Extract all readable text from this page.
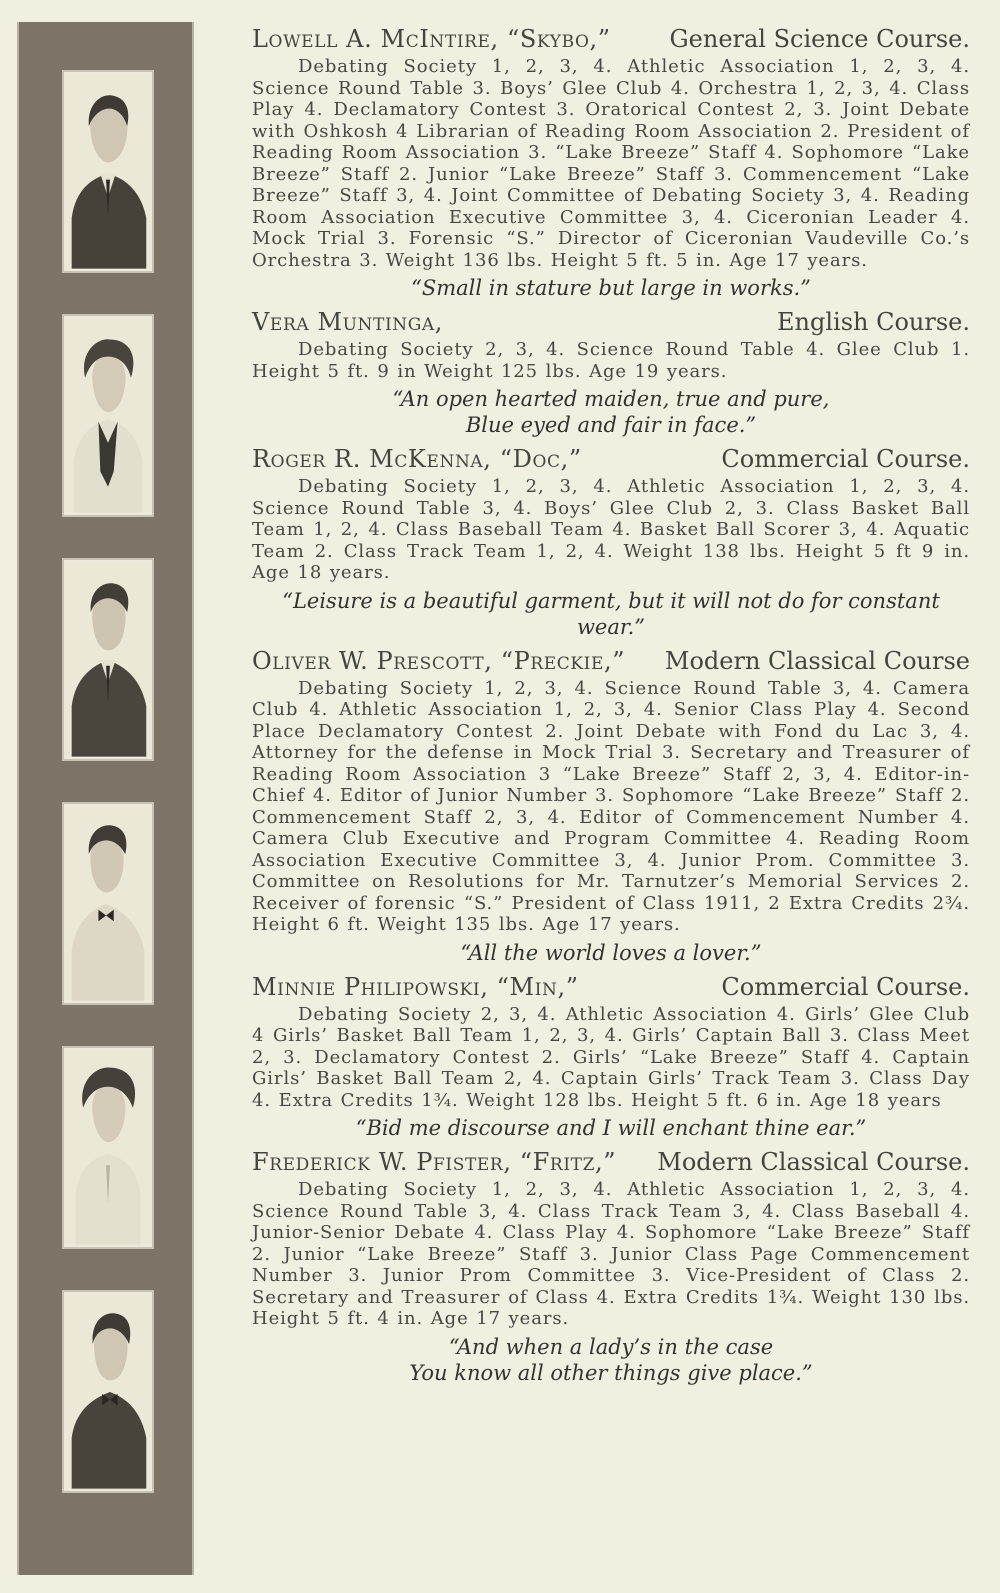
Lowell A. McIntire, “Skybo,” General Science Course.

Debating Society 1, 2, 3, 4. Athletic Association 1, 2, 3, 4. Science Round Table 3. Boys’ Glee Club 4. Orchestra 1, 2, 3, 4. Class Play 4. Declamatory Contest 3. Oratorical Contest 2, 3. Joint Debate with Oshkosh 4 Librarian of Reading Room Association 2. President of Reading Room Association 3. “Lake Breeze” Staff 4. Sophomore “Lake Breeze” Staff 2. Junior “Lake Breeze” Staff 3. Commencement “Lake Breeze” Staff 3, 4. Joint Committee of Debating Society 3, 4. Reading Room Association Executive Committee 3, 4. Ciceronian Leader 4. Mock Trial 3. Forensic “S.” Director of Ciceronian Vaudeville Co.’s Orchestra 3. Weight 136 lbs. Height 5 ft. 5 in. Age 17 years.

“Small in stature but large in works.”
Vera Muntinga,	English Course.

Debating Society 2, 3, 4. Science Round Table 4. Glee Club 1. Height 5 ft. 9 in Weight 125 lbs. Age 19 years.

“An open hearted maiden, true and pure,
Blue eyed and fair in face.”
Roger R. McKenna, “Doc,”	Commercial Course.

Debating Society 1, 2, 3, 4. Athletic Association 1, 2, 3, 4. Science Round Table 3, 4. Boys’ Glee Club 2, 3. Class Basket Ball Team 1, 2, 4. Class Baseball Team 4. Basket Ball Scorer 3, 4. Aquatic Team 2. Class Track Team 1, 2, 4. Weight 138 lbs. Height 5 ft 9 in. Age 18 years.

“Leisure is a beautiful garment, but it will not do for constant
wear.”
Oliver W. Prescott, “Preckie,” Modern Classical Course

Debating Society 1, 2, 3, 4. Science Round Table 3, 4. Camera Club 4. Athletic Association 1, 2, 3, 4. Senior Class Play 4. Second Place Declamatory Contest 2. Joint Debate with Fond du Lac 3, 4. Attorney for the defense in Mock Trial 3. Secretary and Treasurer of Reading Room Association 3 “Lake Breeze” Staff 2, 3, 4. Editor-in-Chief 4. Editor of Junior Number 3. Sophomore “Lake Breeze” Staff 2. Commencement Staff 2, 3, 4. Editor of Commencement Number 4. Camera Club Executive and Program Committee 4. Reading Room Association Executive Committee 3, 4. Junior Prom. Committee 3. Committee on Resolutions for Mr. Tarnutzer’s Memorial Services 2. Receiver of forensic “S.” President of Class 1911, 2 Extra Credits 2¾. Height 6 ft. Weight 135 lbs. Age 17 years.

“All the world loves a lover.”
Minnie Philipowski, “Min,”	Commercial Course.

Debating Society 2, 3, 4. Athletic Association 4. Girls’ Glee Club 4 Girls’ Basket Ball Team 1, 2, 3, 4. Girls’ Captain Ball 3. Class Meet 2, 3. Declamatory Contest 2. Girls’ “Lake Breeze” Staff 4. Captain Girls’ Basket Ball Team 2, 4. Captain Girls’ Track Team 3. Class Day 4. Extra Credits 1¾. Weight 128 lbs. Height 5 ft. 6 in. Age 18 years

“Bid me discourse and I will enchant thine ear.”
Frederick W. Pfister, “Fritz,” Modern Classical Course.

Debating Society 1, 2, 3, 4. Athletic Association 1, 2, 3, 4. Science Round Table 3, 4. Class Track Team 3, 4. Class Baseball 4. Junior-Senior Debate 4. Class Play 4. Sophomore “Lake Breeze” Staff 2. Junior “Lake Breeze” Staff 3. Junior Class Page Commencement Number 3. Junior Prom Committee 3. Vice-President of Class 2. Secretary and Treasurer of Class 4. Extra Credits 1¾. Weight 130 lbs. Height 5 ft. 4 in. Age 17 years.

“And when a lady’s in the case
You know all other things give place.”
